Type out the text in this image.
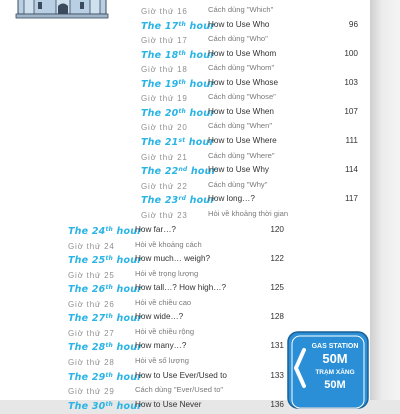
Giờ thứ 16	Cách dùng "Which"
The 17th hour
How to Use Who	96
Giờ thứ 17	Cách dùng "Who"
The 18th hour
How to Use Whom	100
Giờ thứ 18	Cách dùng "Whom"
The 19th hour
How to Use Whose	103
Giờ thứ 19	Cách dùng "Whose"
The 20th hour
How to Use When	107
Giờ thứ 20	Cách dùng "When"
The 21st hour
How to Use Where	111
Giờ thứ 21	Cách dùng "Where"
The 22nd hour
How to Use Why	114
Giờ thứ 22	Cách dùng "Why"
The 23rd hour
How long…?	117
Giờ thứ 23	Hỏi về khoảng thời gian
The 24th hour
How far…?	120
Giờ thứ 24	Hỏi về khoảng cách
The 25th hour
How much… weigh?	122
Giờ thứ 25	Hỏi về trọng lượng
The 26th hour
How tall…? How high…?	125
Giờ thứ 26	Hỏi về chiều cao
The 27th hour
How wide…?	128
Giờ thứ 27	Hỏi về chiều rộng
The 28th hour
How many…?	131
Giờ thứ 28	Hỏi về số lượng
The 29th hour
How to Use Ever/Used to	133
Giờ thứ 29	Cách dùng "Ever/Used to"
The 30th hour
How to Use Never	136
GAS STATION
50M
TRẠM XĂNG
50M
